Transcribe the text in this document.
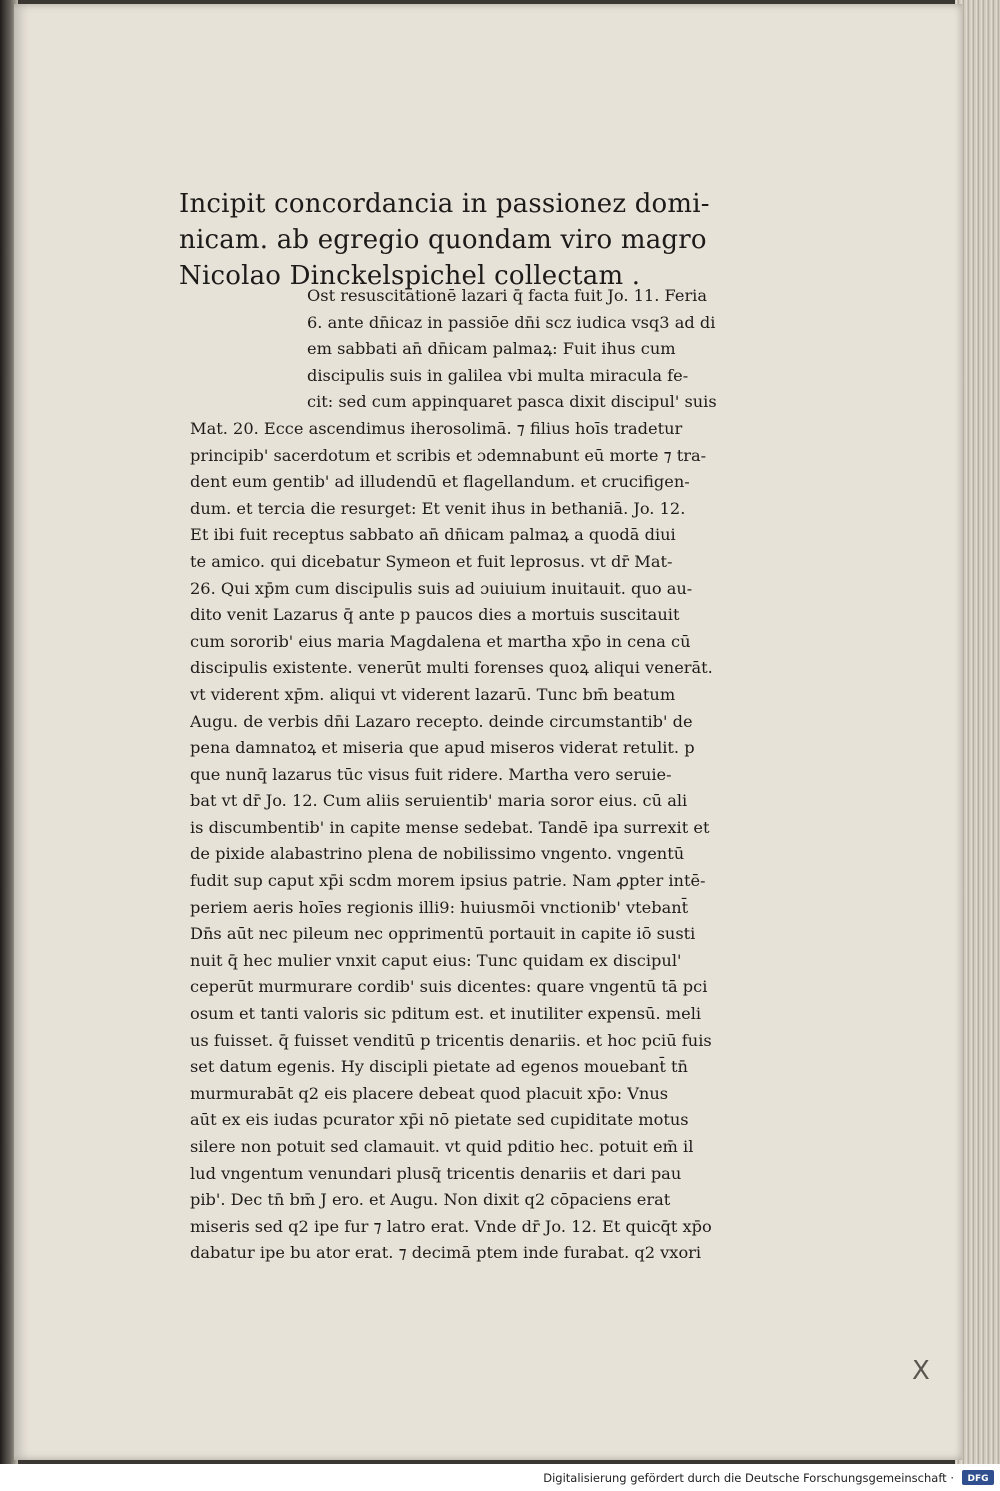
Incipit concordancia in passionez domi-
nicam. ab egregio quondam viro magro
Nicolao Dinckelspichel collectam .
Ost resuscitationē lazari q̄ facta fuit Jo. 11. Feria
6. ante dn̄icaz in passiōe dn̄i scz iudica vsq3 ad di
em sabbati an̄ dn̄icam palmaꝝ: Fuit ihus cum
discipulis suis in galilea vbi multa miracula fe-
cit: sed cum appinquaret pasca dixit discipul' suis
Mat. 20. Ecce ascendimus iherosolimā. ⁊ filius hoīs tradetur
principib' sacerdotum et scribis et ɔdemnabunt eū morte ⁊ tra-
dent eum gentib' ad illudendū et flagellandum. et crucifigen-
dum. et tercia die resurget: Et venit ihus in bethaniā. Jo. 12.
Et ibi fuit receptus sabbato an̄ dn̄icam palmaꝝ a quodā diui
te amico. qui dicebatur Symeon et fuit leprosus. vt dr̄ Mat-
26. Qui xp̄m cum discipulis suis ad ɔuiuium inuitauit. quo au-
dito venit Lazarus q̄ ante p paucos dies a mortuis suscitauit
cum sororib' eius maria Magdalena et martha xp̄o in cena cū
discipulis existente. venerūt multi forenses quoꝝ aliqui venerāt.
vt viderent xp̄m. aliqui vt viderent lazarū. Tunc bm̄ beatum
Augu. de verbis dn̄i Lazaro recepto. deinde circumstantib' de
pena damnatoꝝ et miseria que apud miseros viderat retulit. p
que nunq̄ lazarus tūc visus fuit ridere. Martha vero seruie-
bat vt dr̄ Jo. 12. Cum aliis seruientib' maria soror eius. cū ali
is discumbentib' in capite mense sedebat. Tandē ipa surrexit et
de pixide alabastrino plena de nobilissimo vngento. vngentū
fudit sup caput xp̄i scdm morem ipsius patrie. Nam ꝓpter intē-
periem aeris hoīes regionis illi9: huiusmōi vnctionib' vtebant̄
Dn̄s aūt nec pileum nec opprimentū portauit in capite iō susti
nuit q̄ hec mulier vnxit caput eius: Tunc quidam ex discipul'
ceperūt murmurare cordib' suis dicentes: quare vngentū tā pci
osum et tanti valoris sic pditum est. et inutiliter expensū. meli
us fuisset. q̄ fuisset venditū p tricentis denariis. et hoc pciū fuis
set datum egenis. Hy discipli pietate ad egenos mouebant̄ tn̄
murmurabāt q2 eis placere debeat quod placuit xp̄o: Vnus
aūt ex eis iudas pcurator xp̄i nō pietate sed cupiditate motus
silere non potuit sed clamauit. vt quid pditio hec. potuit em̄ il
lud vngentum venundari plusq̄ tricentis denariis et dari pau
pib'. Dec tn̄ bm̄ J ero. et Augu. Non dixit q2 cōpaciens erat
miseris sed q2 ipe fur ⁊ latro erat. Vnde dr̄ Jo. 12. Et quicq̄t xp̄o
dabatur ipe bu ator erat. ⁊ decimā ptem inde furabat. q2 vxori
X
Digitalisierung gefördert durch die Deutsche Forschungsgemeinschaft · DFG
